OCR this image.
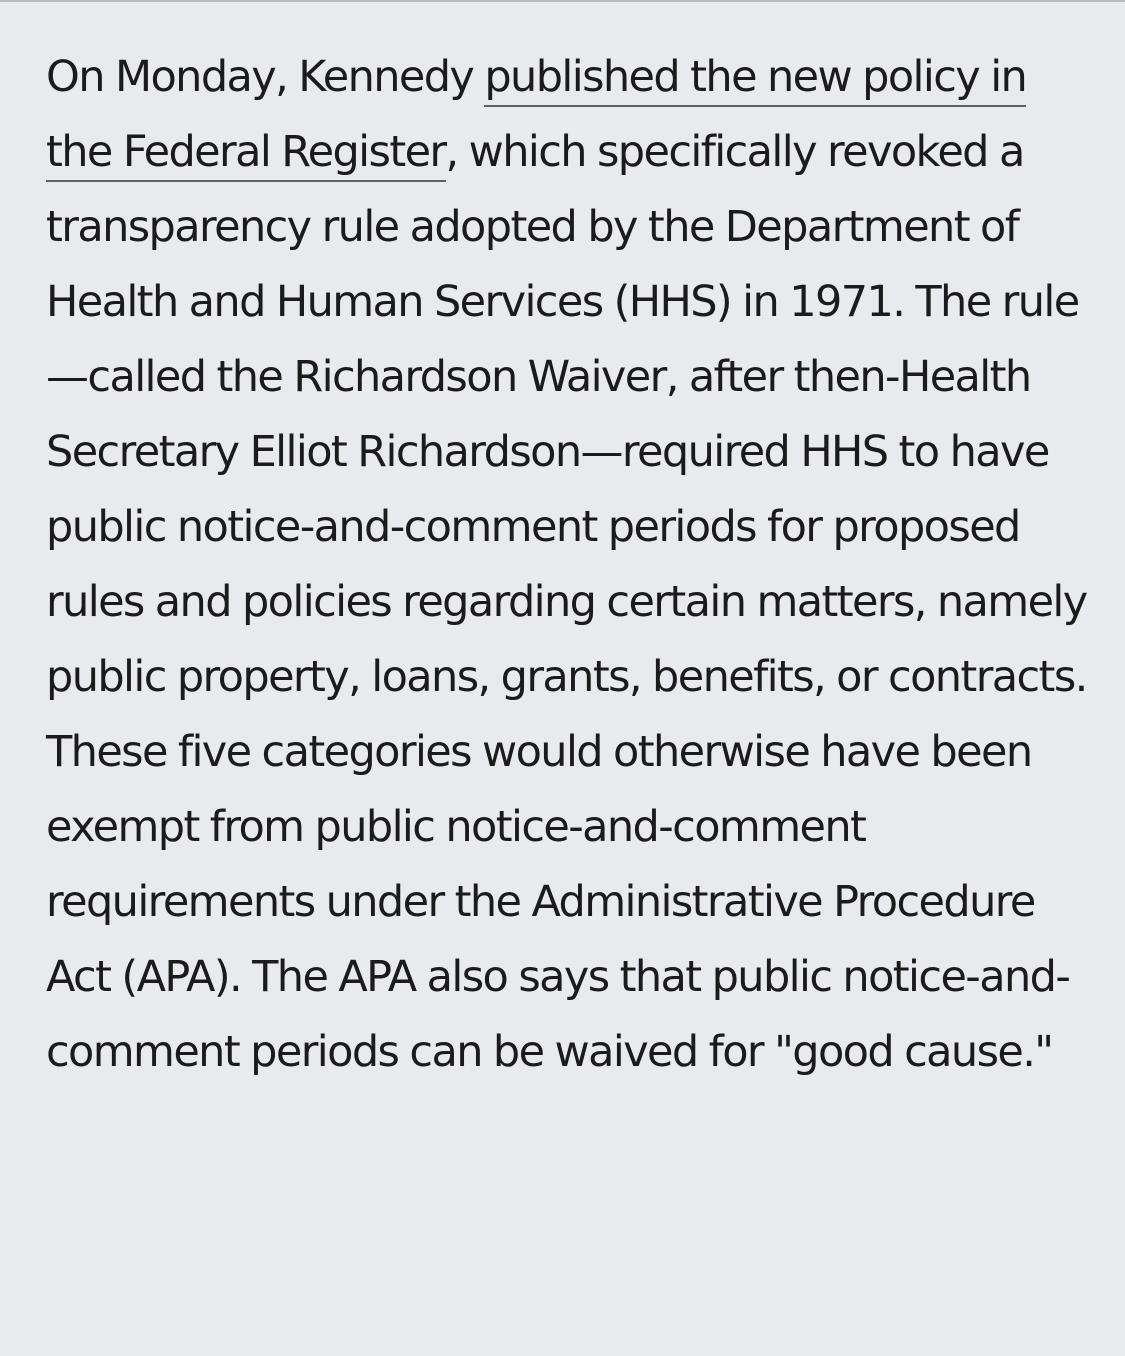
On Monday, Kennedy published the new policy in the Federal Register, which specifically revoked a transparency rule adopted by the Department of Health and Human Services (HHS) in 1971. The rule—called the Richardson Waiver, after then-Health Secretary Elliot Richardson—required HHS to have public notice-and-comment periods for proposed rules and policies regarding certain matters, namely public property, loans, grants, benefits, or contracts. These five categories would otherwise have been exempt from public notice-and-comment requirements under the Administrative Procedure Act (APA). The APA also says that public notice-and-comment periods can be waived for "good cause."
